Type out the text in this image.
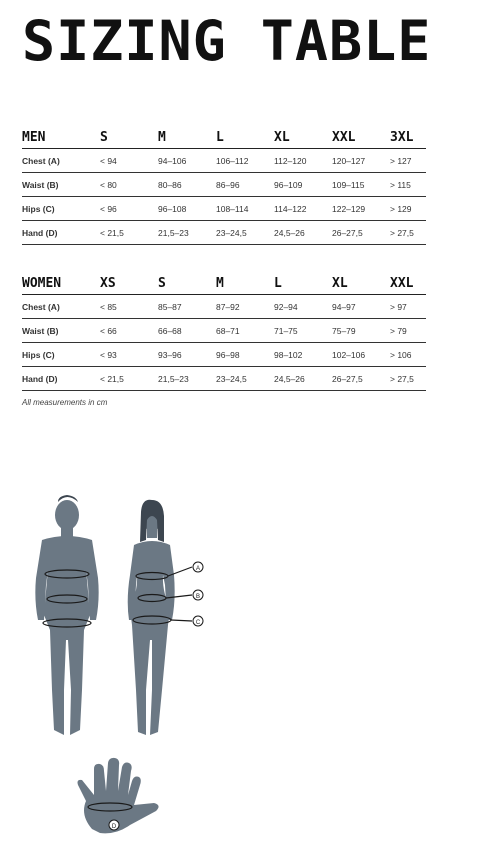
SIZING TABLE
MEN	S	M	L	XL	XXL	3XL
Chest (A)	< 94	94–106	106–112	112–120	120–127	> 127
Waist (B)	< 80	80–86	86–96	96–109	109–115	> 115
Hips (C)	< 96	96–108	108–114	114–122	122–129	> 129
Hand (D)	< 21,5	21,5–23	23–24,5	24,5–26	26–27,5	> 27,5
WOMEN	XS	S	M	L	XL	XXL
Chest (A)	< 85	85–87	87–92	92–94	94–97	> 97
Waist (B)	< 66	66–68	68–71	71–75	75–79	> 79
Hips (C)	< 93	93–96	96–98	98–102	102–106	> 106
Hand (D)	< 21,5	21,5–23	23–24,5	24,5–26	26–27,5	> 27,5
All measurements in cm
A
B
C
D
